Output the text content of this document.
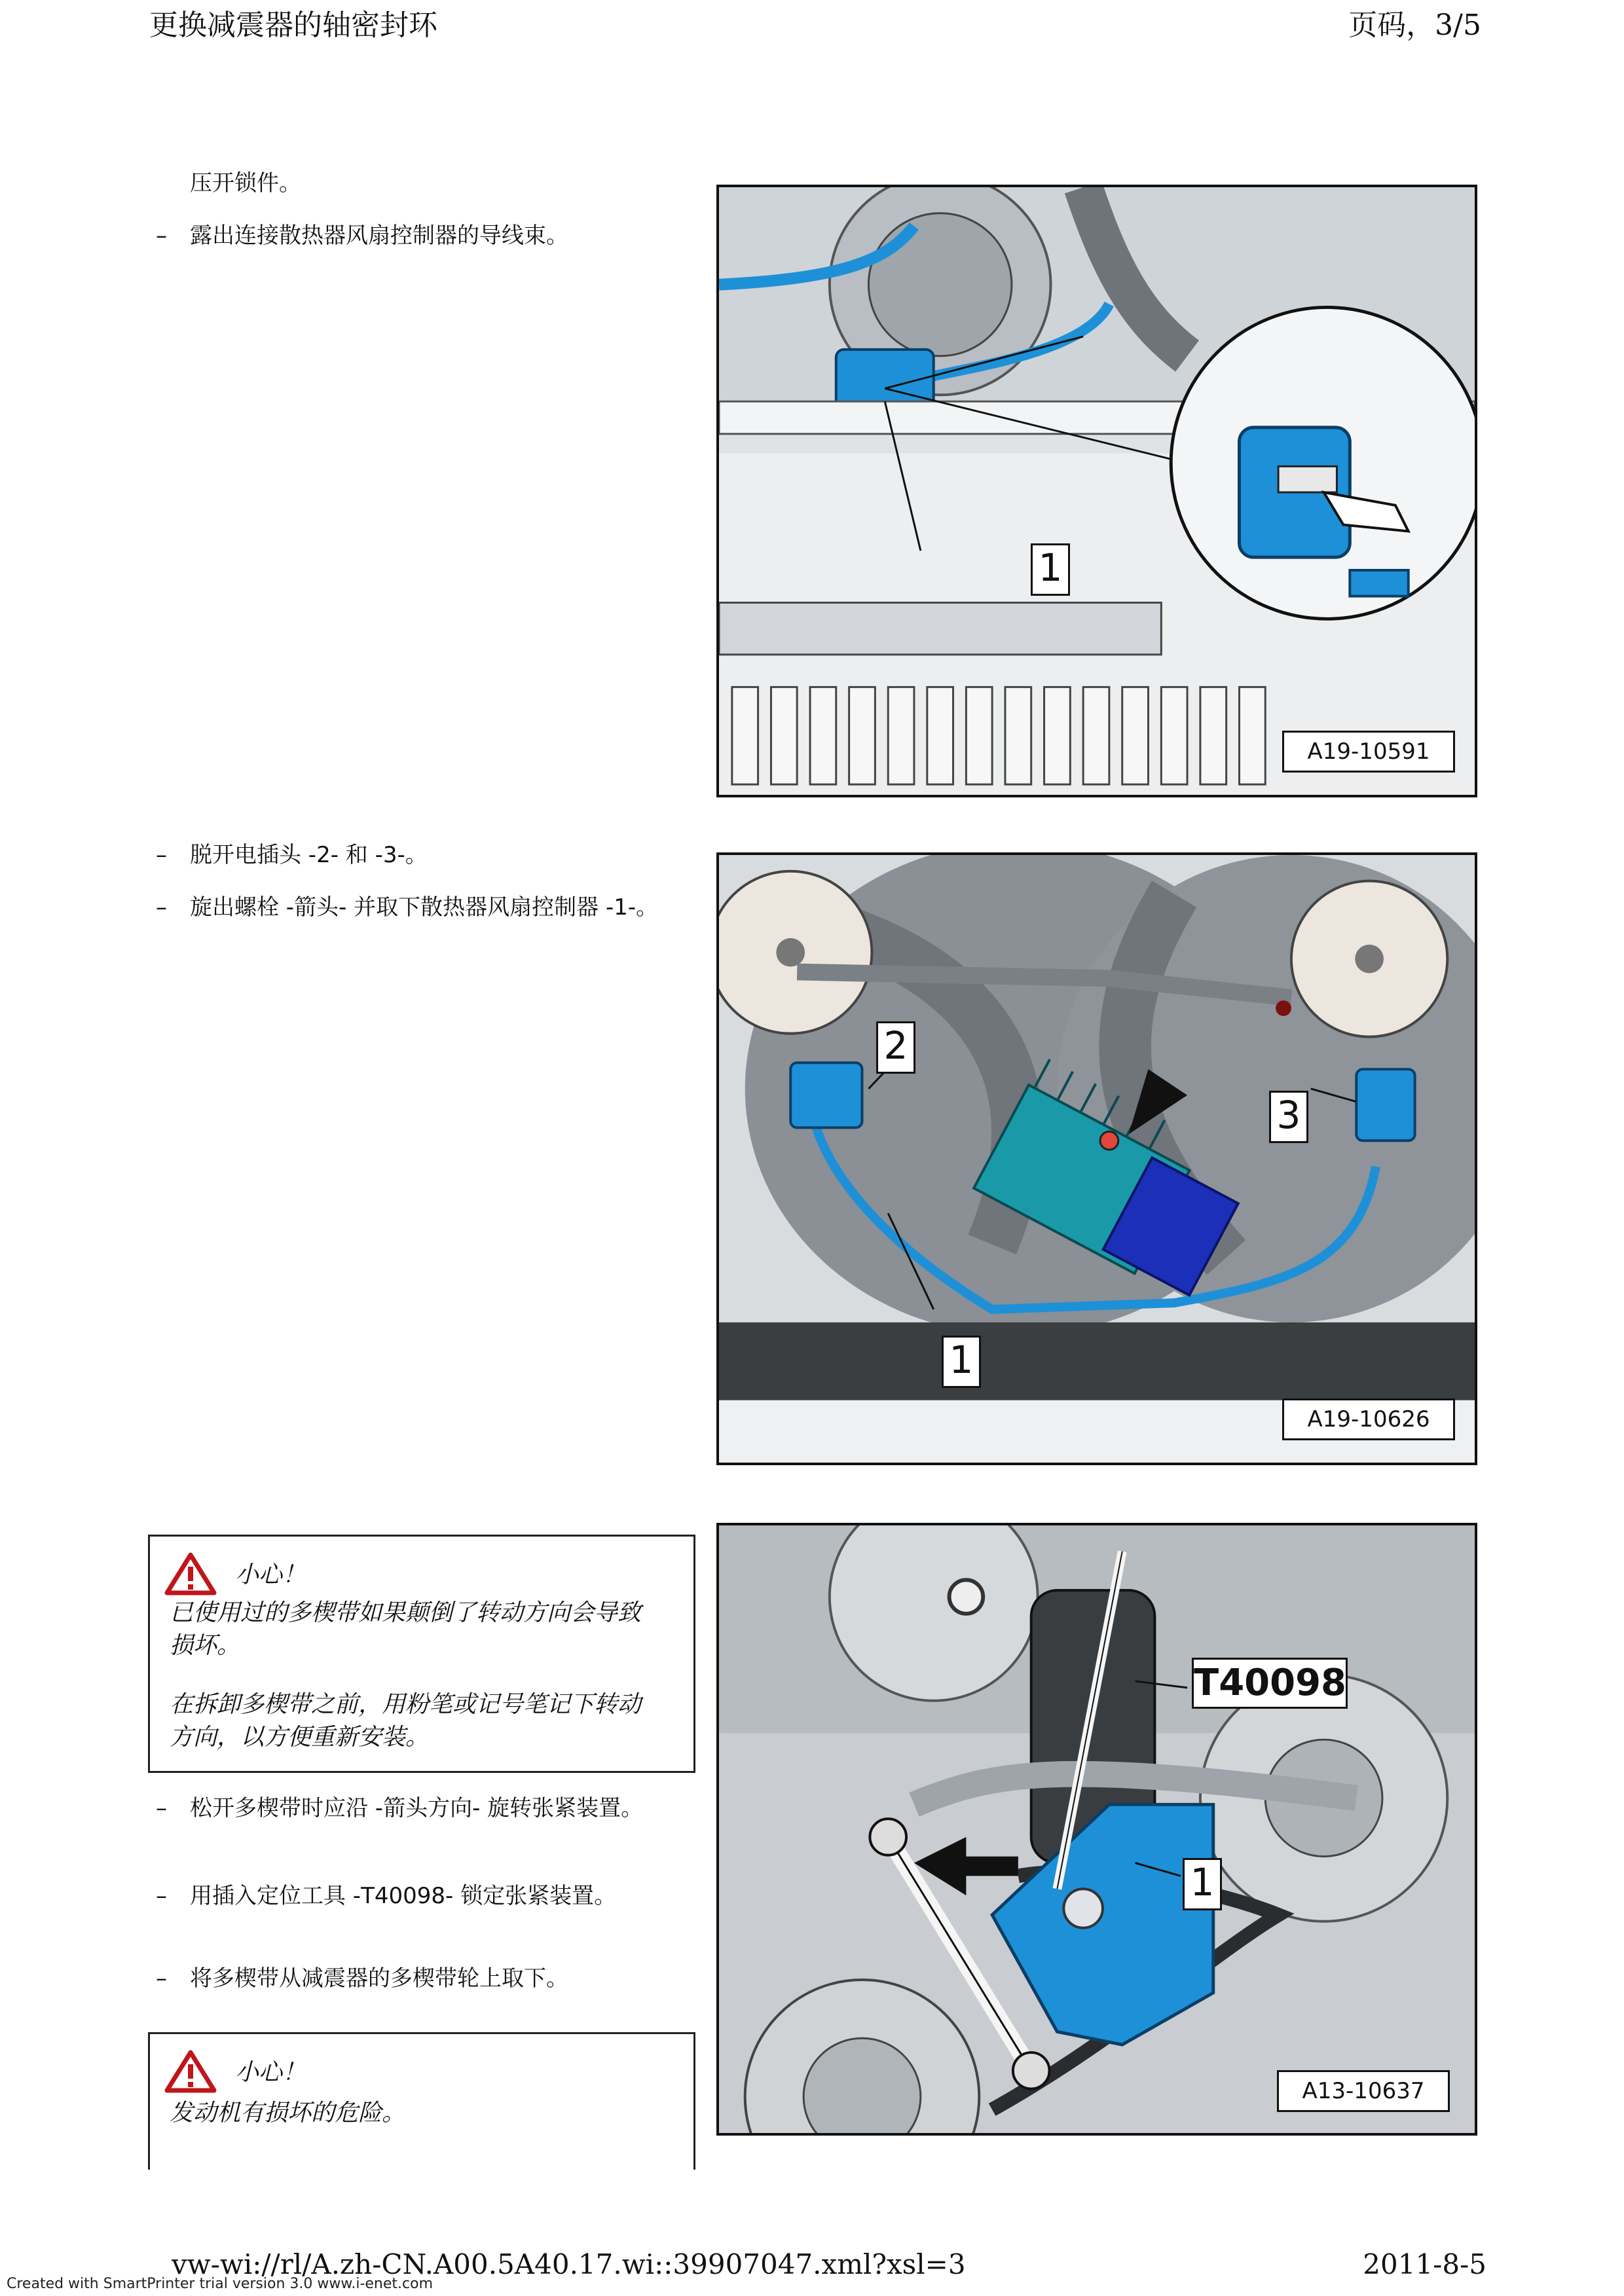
更换减震器的轴密封环	页码，3/5
压开锁件。
–	露出连接散热器风扇控制器的导线束。
1
A19-10591
–	脱开电插头 -2- 和 -3-。
–	旋出螺栓 -箭头- 并取下散热器风扇控制器 -1-。
2
3
1
A19-10626
小心！
已使用过的多楔带如果颠倒了转动方向会导致损坏。
在拆卸多楔带之前，用粉笔或记号笔记下转动方向，以方便重新安装。
–	松开多楔带时应沿 -箭头方向- 旋转张紧装置。
–	用插入定位工具 -T40098- 锁定张紧装置。
–	将多楔带从减震器的多楔带轮上取下。
小心！
发动机有损坏的危险。
T40098
1
A13-10637
vw-wi://rl/A.zh-CN.A00.5A40.17.wi::39907047.xml?xsl=3	2011-8-5
Created with SmartPrinter trial version 3.0 www.i-enet.com
